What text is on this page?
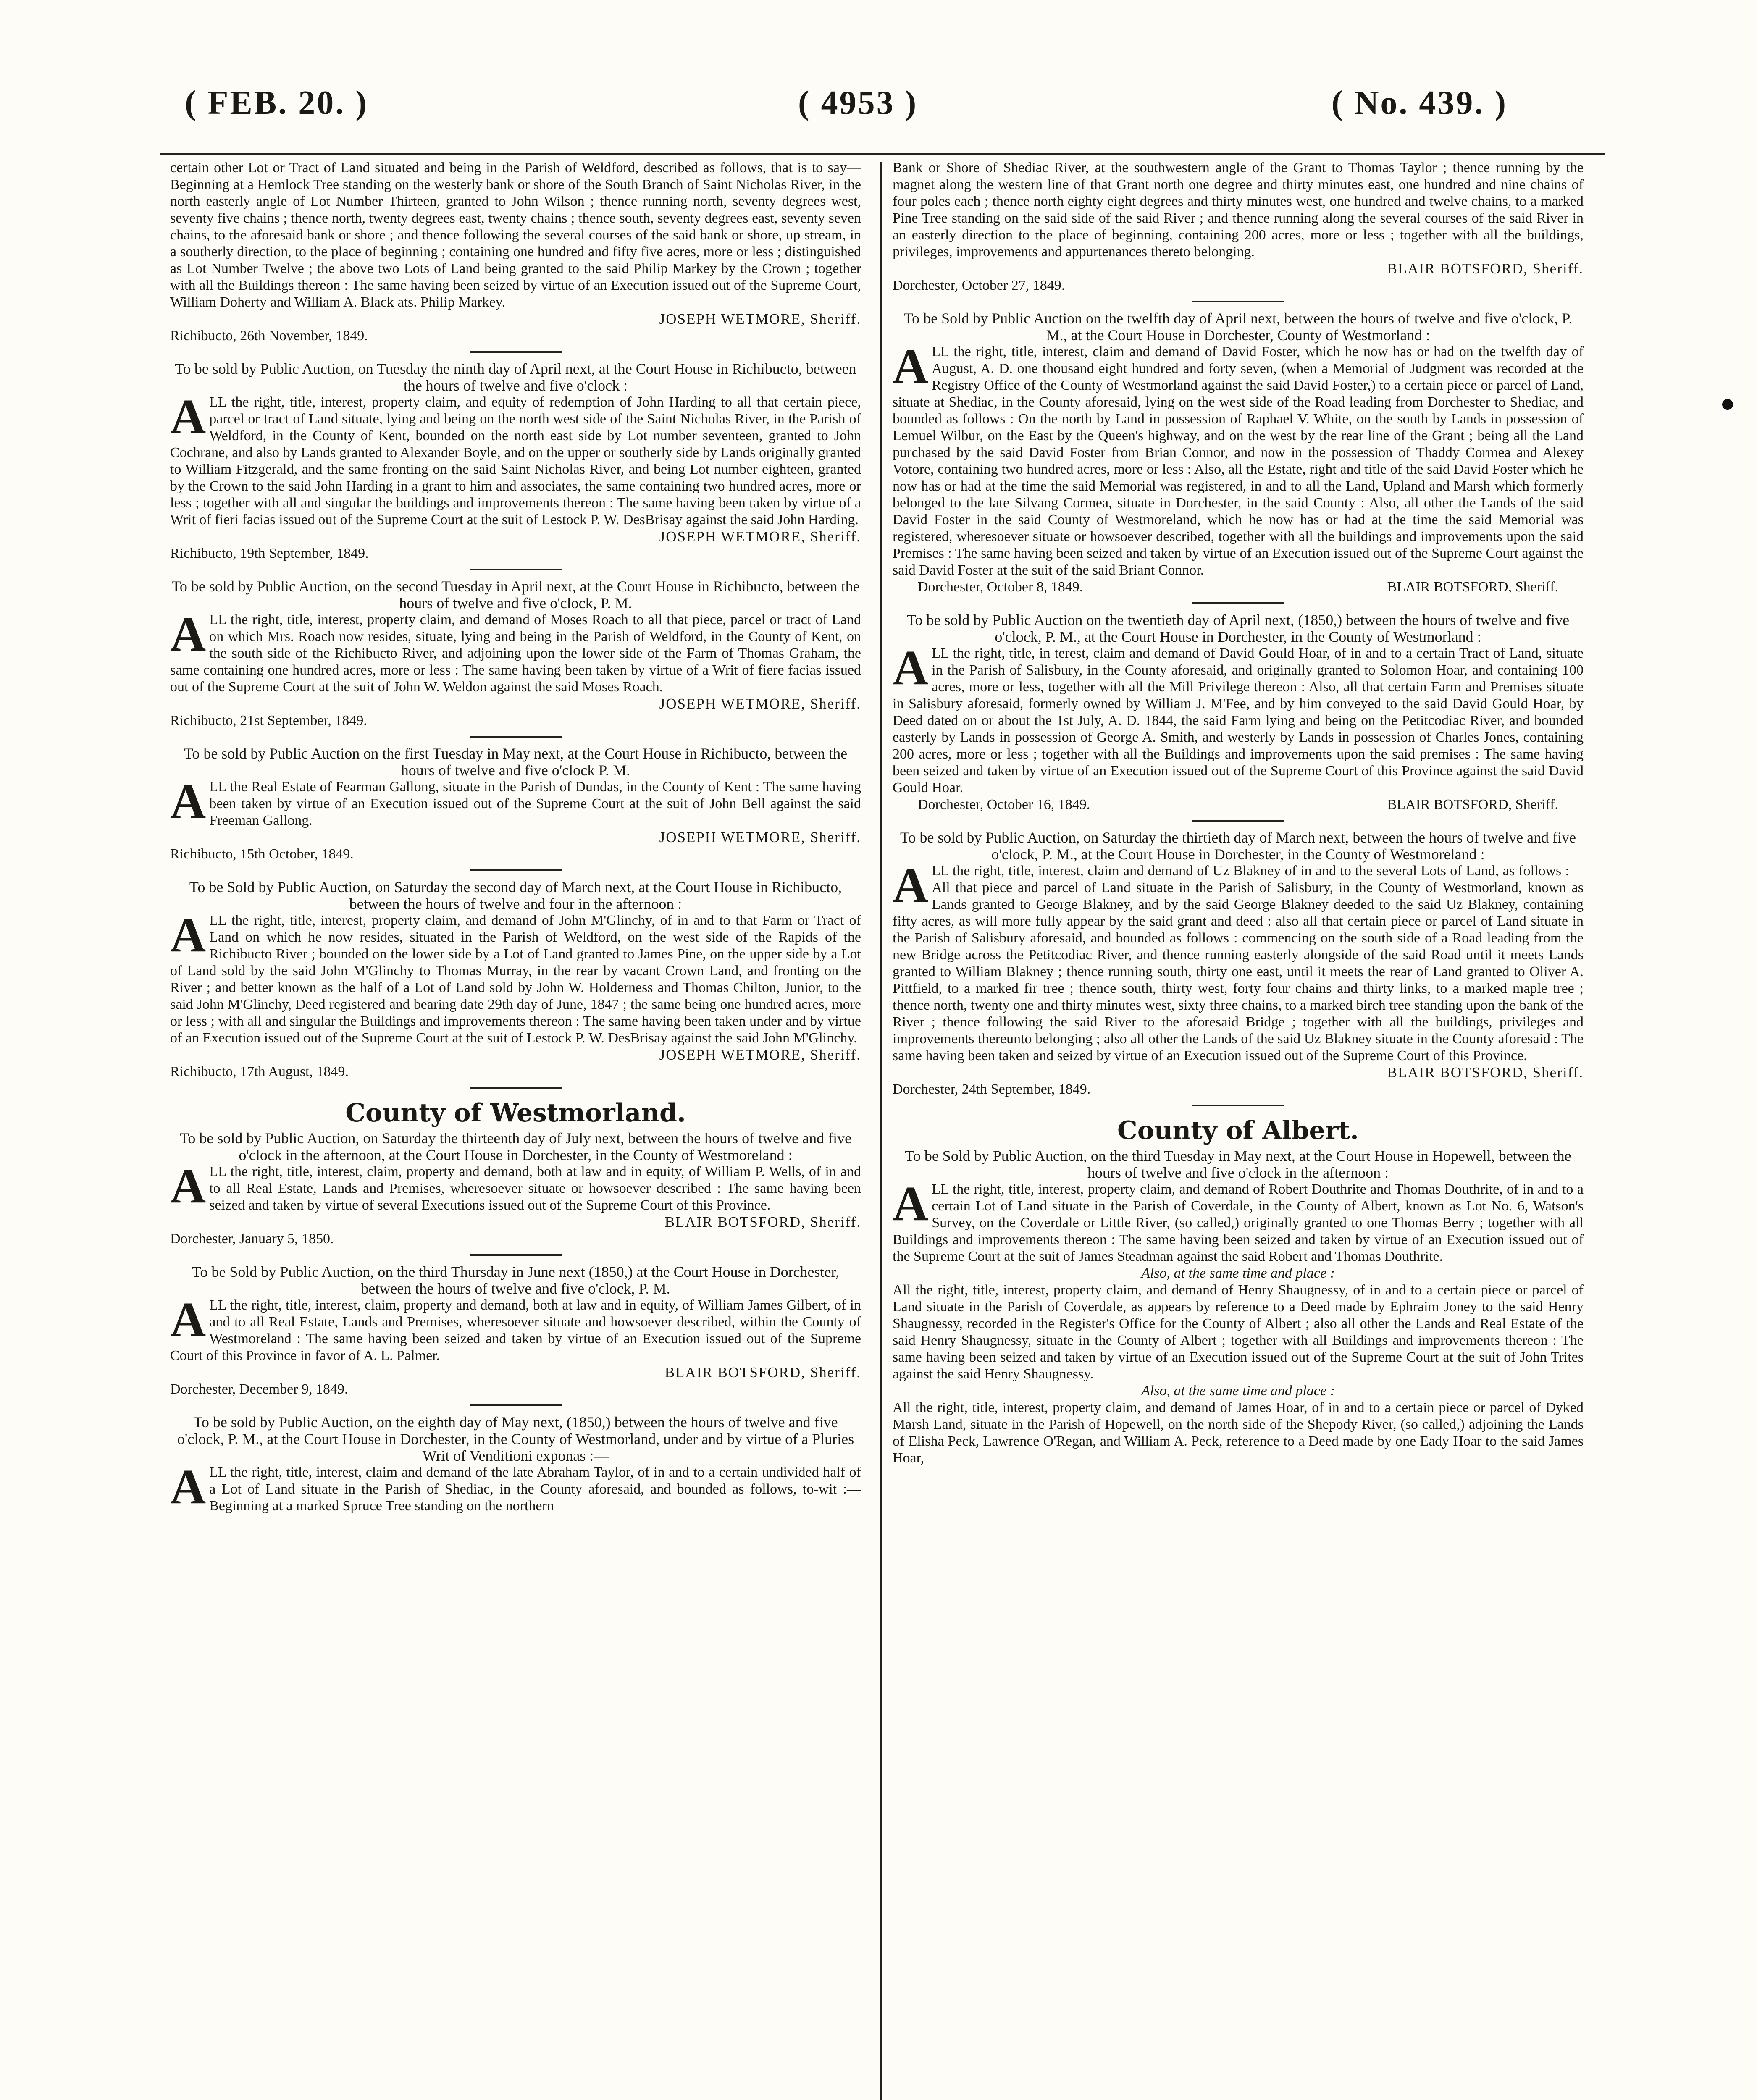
( FEB. 20. )	( 4953 )	( No. 439. )

certain other Lot or Tract of Land situated and being in the Parish of Weldford, described as follows, that is to say—Beginning at a Hemlock Tree standing on the westerly bank or shore of the South Branch of Saint Nicholas River, in the north easterly angle of Lot Number Thirteen, granted to John Wilson ; thence running north, seventy degrees west, seventy five chains ; thence north, twenty degrees east, twenty chains ; thence south, seventy degrees east, seventy seven chains, to the aforesaid bank or shore ; and thence following the several courses of the said bank or shore, up stream, in a southerly direction, to the place of beginning ; containing one hundred and fifty five acres, more or less ; distinguished as Lot Number Twelve ; the above two Lots of Land being granted to the said Philip Markey by the Crown ; together with all the Buildings thereon : The same having been seized by virtue of an Execution issued out of the Supreme Court, William Doherty and William A. Black ats. Philip Markey.

JOSEPH WETMORE, Sheriff.

Richibucto, 26th November, 1849.

To be sold by Public Auction, on Tuesday the ninth day of April next, at the Court House in Richibucto, between the hours of twelve and five o'clock :

ALL the right, title, interest, property claim, and equity of redemption of John Harding to all that certain piece, parcel or tract of Land situate, lying and being on the north west side of the Saint Nicholas River, in the Parish of Weldford, in the County of Kent, bounded on the north east side by Lot number seventeen, granted to John Cochrane, and also by Lands granted to Alexander Boyle, and on the upper or southerly side by Lands originally granted to William Fitzgerald, and the same fronting on the said Saint Nicholas River, and being Lot number eighteen, granted by the Crown to the said John Harding in a grant to him and associates, the same containing two hundred acres, more or less ; together with all and singular the buildings and improvements thereon : The same having been taken by virtue of a Writ of fieri facias issued out of the Supreme Court at the suit of Lestock P. W. DesBrisay against the said John Harding.

JOSEPH WETMORE, Sheriff.

Richibucto, 19th September, 1849.

To be sold by Public Auction, on the second Tuesday in April next, at the Court House in Richibucto, between the hours of twelve and five o'clock, P. M.

ALL the right, title, interest, property claim, and demand of Moses Roach to all that piece, parcel or tract of Land on which Mrs. Roach now resides, situate, lying and being in the Parish of Weldford, in the County of Kent, on the south side of the Richibucto River, and adjoining upon the lower side of the Farm of Thomas Graham, the same containing one hundred acres, more or less : The same having been taken by virtue of a Writ of fiere facias issued out of the Supreme Court at the suit of John W. Weldon against the said Moses Roach.

JOSEPH WETMORE, Sheriff.

Richibucto, 21st September, 1849.

To be sold by Public Auction on the first Tuesday in May next, at the Court House in Richibucto, between the hours of twelve and five o'clock P. M.

ALL the Real Estate of Fearman Gallong, situate in the Parish of Dundas, in the County of Kent : The same having been taken by virtue of an Execution issued out of the Supreme Court at the suit of John Bell against the said Freeman Gallong.

JOSEPH WETMORE, Sheriff.

Richibucto, 15th October, 1849.

To be Sold by Public Auction, on Saturday the second day of March next, at the Court House in Richibucto, between the hours of twelve and four in the afternoon :

ALL the right, title, interest, property claim, and demand of John M'Glinchy, of in and to that Farm or Tract of Land on which he now resides, situated in the Parish of Weldford, on the west side of the Rapids of the Richibucto River ; bounded on the lower side by a Lot of Land granted to James Pine, on the upper side by a Lot of Land sold by the said John M'Glinchy to Thomas Murray, in the rear by vacant Crown Land, and fronting on the River ; and better known as the half of a Lot of Land sold by John W. Holderness and Thomas Chilton, Junior, to the said John M'Glinchy, Deed registered and bearing date 29th day of June, 1847 ; the same being one hundred acres, more or less ; with all and singular the Buildings and improvements thereon : The same having been taken under and by virtue of an Execution issued out of the Supreme Court at the suit of Lestock P. W. DesBrisay against the said John M'Glinchy.

JOSEPH WETMORE, Sheriff.

Richibucto, 17th August, 1849.

County of Westmorland.

To be sold by Public Auction, on Saturday the thirteenth day of July next, between the hours of twelve and five o'clock in the afternoon, at the Court House in Dorchester, in the County of Westmoreland :

ALL the right, title, interest, claim, property and demand, both at law and in equity, of William P. Wells, of in and to all Real Estate, Lands and Premises, wheresoever situate or howsoever described : The same having been seized and taken by virtue of several Executions issued out of the Supreme Court of this Province.

BLAIR BOTSFORD, Sheriff.

Dorchester, January 5, 1850.

To be Sold by Public Auction, on the third Thursday in June next (1850,) at the Court House in Dorchester, between the hours of twelve and five o'clock, P. M.

ALL the right, title, interest, claim, property and demand, both at law and in equity, of William James Gilbert, of in and to all Real Estate, Lands and Premises, wheresoever situate and howsoever described, within the County of Westmoreland : The same having been seized and taken by virtue of an Execution issued out of the Supreme Court of this Province in favor of A. L. Palmer.

BLAIR BOTSFORD, Sheriff.

Dorchester, December 9, 1849.

To be sold by Public Auction, on the eighth day of May next, (1850,) between the hours of twelve and five o'clock, P. M., at the Court House in Dorchester, in the County of Westmorland, under and by virtue of a Pluries Writ of Venditioni exponas :—

ALL the right, title, interest, claim and demand of the late Abraham Taylor, of in and to a certain undivided half of a Lot of Land situate in the Parish of Shediac, in the County aforesaid, and bounded as follows, to-wit :—Beginning at a marked Spruce Tree standing on the northern

Bank or Shore of Shediac River, at the southwestern angle of the Grant to Thomas Taylor ; thence running by the magnet along the western line of that Grant north one degree and thirty minutes east, one hundred and nine chains of four poles each ; thence north eighty eight degrees and thirty minutes west, one hundred and twelve chains, to a marked Pine Tree standing on the said side of the said River ; and thence running along the several courses of the said River in an easterly direction to the place of beginning, containing 200 acres, more or less ; together with all the buildings, privileges, improvements and appurtenances thereto belonging.

BLAIR BOTSFORD, Sheriff.

Dorchester, October 27, 1849.

To be Sold by Public Auction on the twelfth day of April next, between the hours of twelve and five o'clock, P. M., at the Court House in Dorchester, County of Westmorland :

ALL the right, title, interest, claim and demand of David Foster, which he now has or had on the twelfth day of August, A. D. one thousand eight hundred and forty seven, (when a Memorial of Judgment was recorded at the Registry Office of the County of Westmorland against the said David Foster,) to a certain piece or parcel of Land, situate at Shediac, in the County aforesaid, lying on the west side of the Road leading from Dorchester to Shediac, and bounded as follows : On the north by Land in possession of Raphael V. White, on the south by Lands in possession of Lemuel Wilbur, on the East by the Queen's highway, and on the west by the rear line of the Grant ; being all the Land purchased by the said David Foster from Brian Connor, and now in the possession of Thaddy Cormea and Alexey Votore, containing two hundred acres, more or less : Also, all the Estate, right and title of the said David Foster which he now has or had at the time the said Memorial was registered, in and to all the Land, Upland and Marsh which formerly belonged to the late Silvang Cormea, situate in Dorchester, in the said County : Also, all other the Lands of the said David Foster in the said County of Westmoreland, which he now has or had at the time the said Memorial was registered, wheresoever situate or howsoever described, together with all the buildings and improvements upon the said Premises : The same having been seized and taken by virtue of an Execution issued out of the Supreme Court against the said David Foster at the suit of the said Briant Connor.

Dorchester, October 8, 1849.	BLAIR BOTSFORD, Sheriff.

To be sold by Public Auction on the twentieth day of April next, (1850,) between the hours of twelve and five o'clock, P. M., at the Court House in Dorchester, in the County of Westmorland :

ALL the right, title, in terest, claim and demand of David Gould Hoar, of in and to a certain Tract of Land, situate in the Parish of Salisbury, in the County aforesaid, and originally granted to Solomon Hoar, and containing 100 acres, more or less, together with all the Mill Privilege thereon : Also, all that certain Farm and Premises situate in Salisbury aforesaid, formerly owned by William J. M'Fee, and by him conveyed to the said David Gould Hoar, by Deed dated on or about the 1st July, A. D. 1844, the said Farm lying and being on the Petitcodiac River, and bounded easterly by Lands in possession of George A. Smith, and westerly by Lands in possession of Charles Jones, containing 200 acres, more or less ; together with all the Buildings and improvements upon the said premises : The same having been seized and taken by virtue of an Execution issued out of the Supreme Court of this Province against the said David Gould Hoar.

Dorchester, October 16, 1849.	BLAIR BOTSFORD, Sheriff.

To be sold by Public Auction, on Saturday the thirtieth day of March next, between the hours of twelve and five o'clock, P. M., at the Court House in Dorchester, in the County of Westmoreland :

ALL the right, title, interest, claim and demand of Uz Blakney of in and to the several Lots of Land, as follows :—All that piece and parcel of Land situate in the Parish of Salisbury, in the County of Westmorland, known as Lands granted to George Blakney, and by the said George Blakney deeded to the said Uz Blakney, containing fifty acres, as will more fully appear by the said grant and deed : also all that certain piece or parcel of Land situate in the Parish of Salisbury aforesaid, and bounded as follows : commencing on the south side of a Road leading from the new Bridge across the Petitcodiac River, and thence running easterly alongside of the said Road until it meets Lands granted to William Blakney ; thence running south, thirty one east, until it meets the rear of Land granted to Oliver A. Pittfield, to a marked fir tree ; thence south, thirty west, forty four chains and thirty links, to a marked maple tree ; thence north, twenty one and thirty minutes west, sixty three chains, to a marked birch tree standing upon the bank of the River ; thence following the said River to the aforesaid Bridge ; together with all the buildings, privileges and improvements thereunto belonging ; also all other the Lands of the said Uz Blakney situate in the County aforesaid : The same having been taken and seized by virtue of an Execution issued out of the Supreme Court of this Province.

BLAIR BOTSFORD, Sheriff.

Dorchester, 24th September, 1849.

County of Albert.

To be Sold by Public Auction, on the third Tuesday in May next, at the Court House in Hopewell, between the hours of twelve and five o'clock in the afternoon :

ALL the right, title, interest, property claim, and demand of Robert Douthrite and Thomas Douthrite, of in and to a certain Lot of Land situate in the Parish of Coverdale, in the County of Albert, known as Lot No. 6, Watson's Survey, on the Coverdale or Little River, (so called,) originally granted to one Thomas Berry ; together with all Buildings and improvements thereon : The same having been seized and taken by virtue of an Execution issued out of the Supreme Court at the suit of James Steadman against the said Robert and Thomas Douthrite.

Also, at the same time and place :

All the right, title, interest, property claim, and demand of Henry Shaugnessy, of in and to a certain piece or parcel of Land situate in the Parish of Coverdale, as appears by reference to a Deed made by Ephraim Joney to the said Henry Shaugnessy, recorded in the Register's Office for the County of Albert ; also all other the Lands and Real Estate of the said Henry Shaugnessy, situate in the County of Albert ; together with all Buildings and improvements thereon : The same having been seized and taken by virtue of an Execution issued out of the Supreme Court at the suit of John Trites against the said Henry Shaugnessy.

Also, at the same time and place :

All the right, title, interest, property claim, and demand of James Hoar, of in and to a certain piece or parcel of Dyked Marsh Land, situate in the Parish of Hopewell, on the north side of the Shepody River, (so called,) adjoining the Lands of Elisha Peck, Lawrence O'Regan, and William A. Peck, reference to a Deed made by one Eady Hoar to the said James Hoar,
